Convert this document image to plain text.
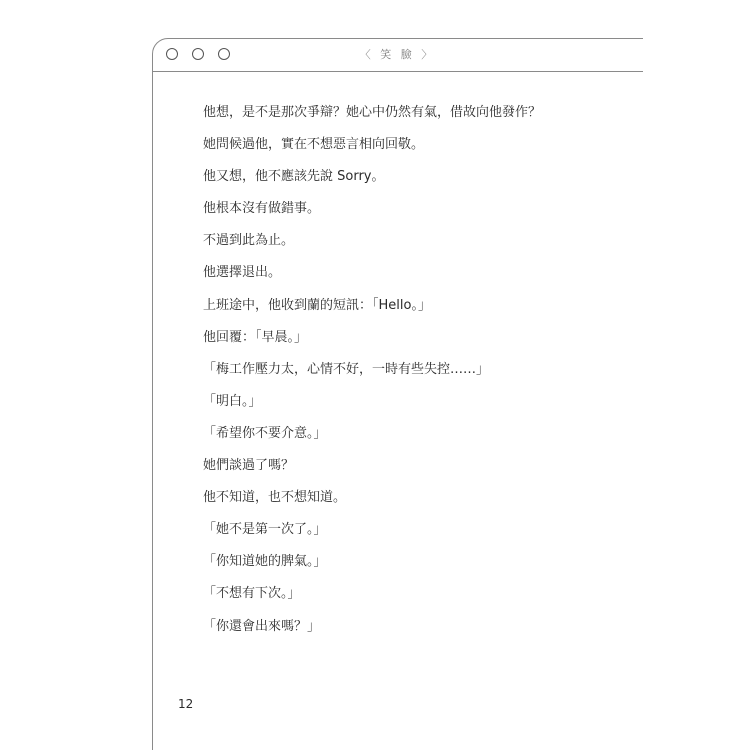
〈 笑 臉 〉
他想，是不是那次爭辯？她心中仍然有氣，借故向他發作？
她問候過他，實在不想惡言相向回敬。
他又想，他不應該先說 Sorry。
他根本沒有做錯事。
不過到此為止。
他選擇退出。
上班途中，他收到蘭的短訊：「Hello。」
他回覆：「早晨。」
「梅工作壓力太，心情不好，一時有些失控……」
「明白。」
「希望你不要介意。」
她們談過了嗎？
他不知道，也不想知道。
「她不是第一次了。」
「你知道她的脾氣。」
「不想有下次。」
「你還會出來嗎？」
12
